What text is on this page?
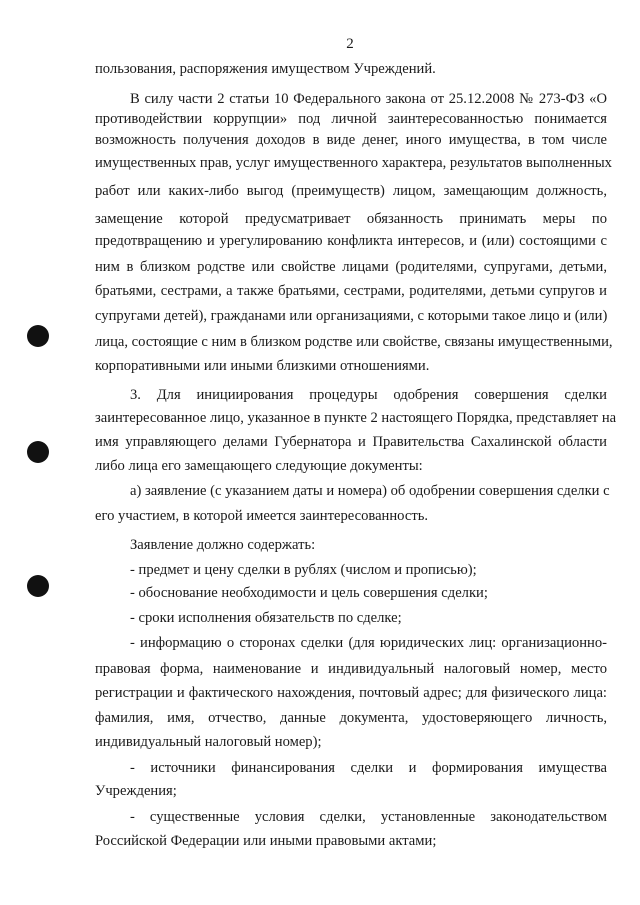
2
пользования, распоряжения имуществом Учреждений.
В силу части 2 статьи 10 Федерального закона от 25.12.2008 № 273-ФЗ «О
противодействии коррупции» под личной заинтересованностью понимается
возможность получения доходов в виде денег, иного имущества, в том числе
имущественных прав, услуг имущественного характера, результатов выполненных
работ или каких-либо выгод (преимуществ) лицом, замещающим должность,
замещение которой предусматривает обязанность принимать меры по
предотвращению и урегулированию конфликта интересов, и (или) состоящими с
ним в близком родстве или свойстве лицами (родителями, супругами, детьми,
братьями, сестрами, а также братьями, сестрами, родителями, детьми супругов и
супругами детей), гражданами или организациями, с которыми такое лицо и (или)
лица, состоящие с ним в близком родстве или свойстве, связаны имущественными,
корпоративными или иными близкими отношениями.
3. Для инициирования процедуры одобрения совершения сделки
заинтересованное лицо, указанное в пункте 2 настоящего Порядка, представляет на
имя управляющего делами Губернатора и Правительства Сахалинской области
либо лица его замещающего следующие документы:
а) заявление (с указанием даты и номера) об одобрении совершения сделки с
его участием, в которой имеется заинтересованность.
Заявление должно содержать:
- предмет и цену сделки в рублях (числом и прописью);
- обоснование необходимости и цель совершения сделки;
- сроки исполнения обязательств по сделке;
- информацию о сторонах сделки (для юридических лиц: организационно-
правовая форма, наименование и индивидуальный налоговый номер, место
регистрации и фактического нахождения, почтовый адрес; для физического лица:
фамилия, имя, отчество, данные документа, удостоверяющего личность,
индивидуальный налоговый номер);
- источники финансирования сделки и формирования имущества
Учреждения;
- существенные условия сделки, установленные законодательством
Российской Федерации или иными правовыми актами;
